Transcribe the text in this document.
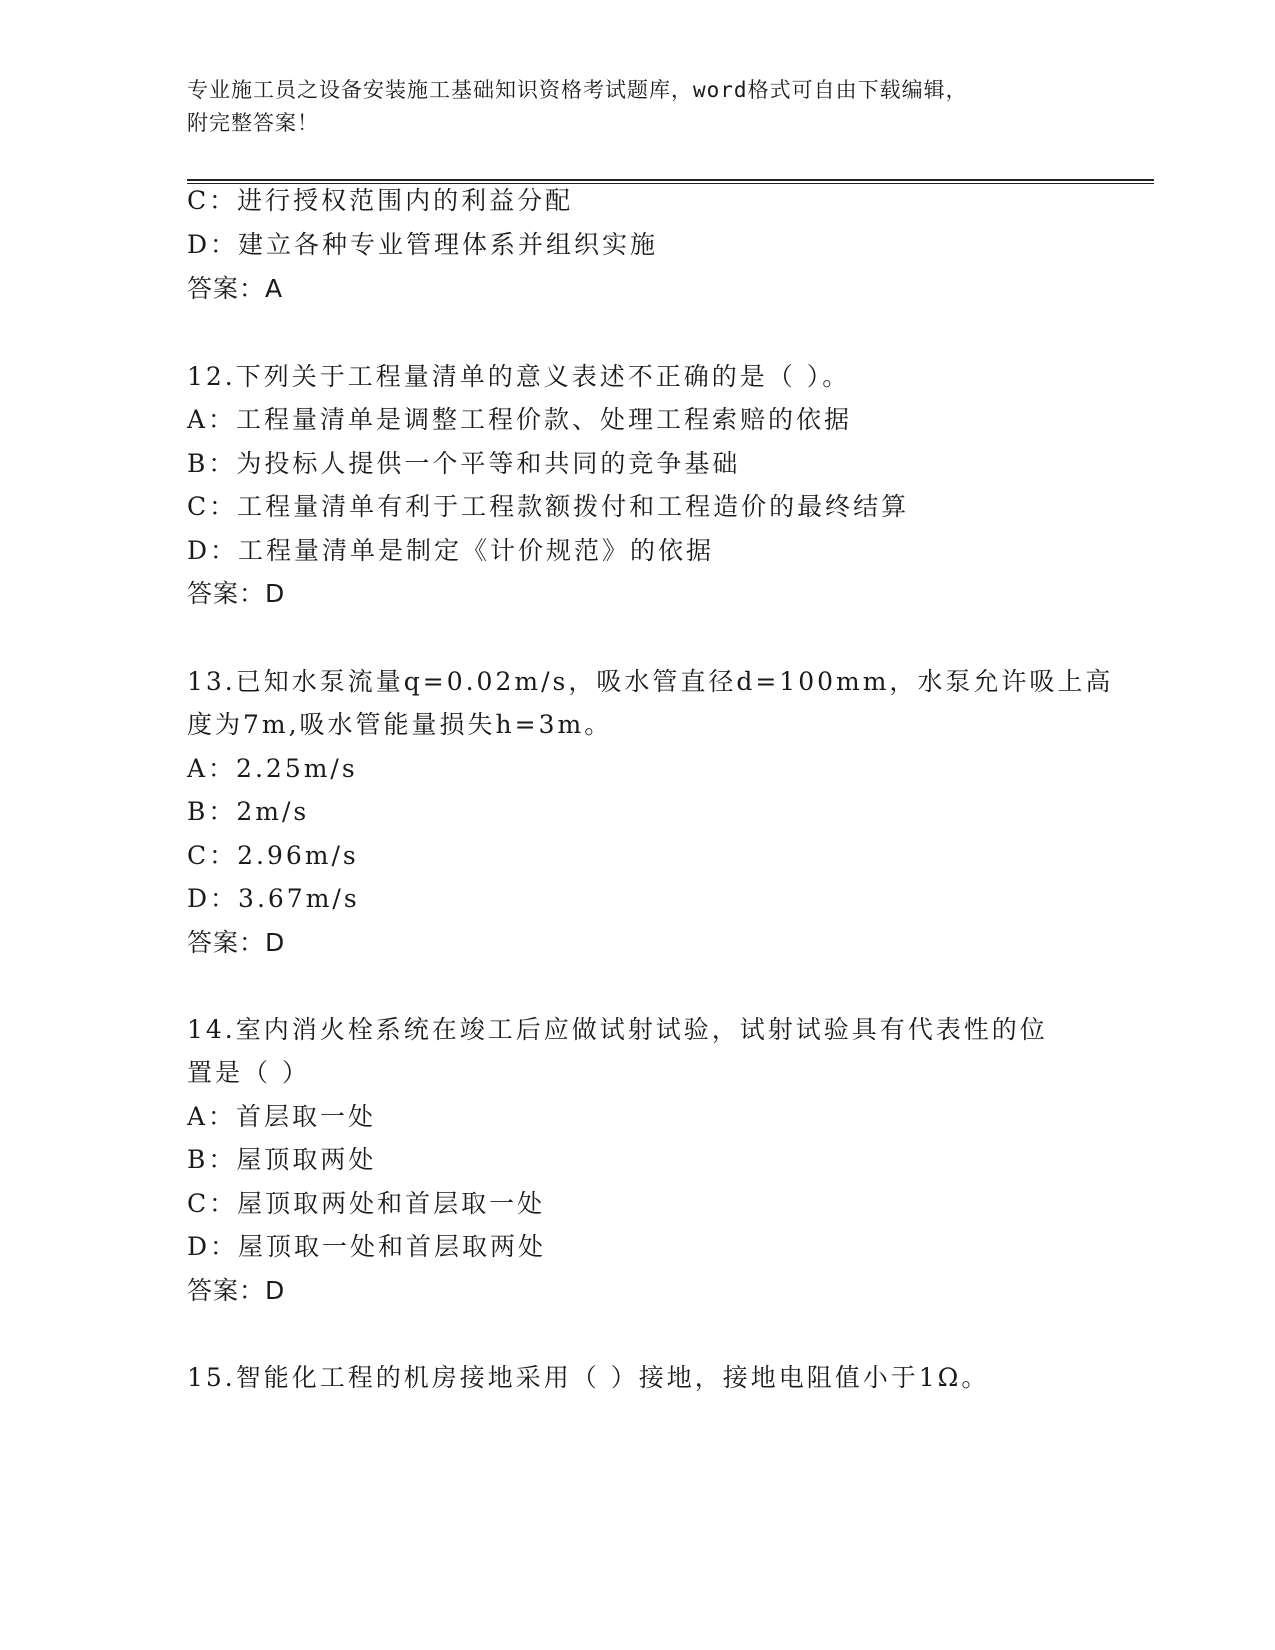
专业施工员之设备安装施工基础知识资格考试题库，word格式可自由下载编辑，
附完整答案！
C：进行授权范围内的利益分配
D：建立各种专业管理体系并组织实施
答案：A
12.下列关于工程量清单的意义表述不正确的是（ ）。
A：工程量清单是调整工程价款、处理工程索赔的依据
B：为投标人提供一个平等和共同的竞争基础
C：工程量清单有利于工程款额拨付和工程造价的最终结算
D：工程量清单是制定《计价规范》的依据
答案：D
13.已知水泵流量q=0.02m/s，吸水管直径d=100mm，水泵允许吸上高
度为7m,吸水管能量损失h=3m。
A：2.25m/s
B：2m/s
C：2.96m/s
D：3.67m/s
答案：D
14.室内消火栓系统在竣工后应做试射试验，试射试验具有代表性的位
置是（ ）
A：首层取一处
B：屋顶取两处
C：屋顶取两处和首层取一处
D：屋顶取一处和首层取两处
答案：D
15.智能化工程的机房接地采用（ ）接地，接地电阻值小于1Ω。
